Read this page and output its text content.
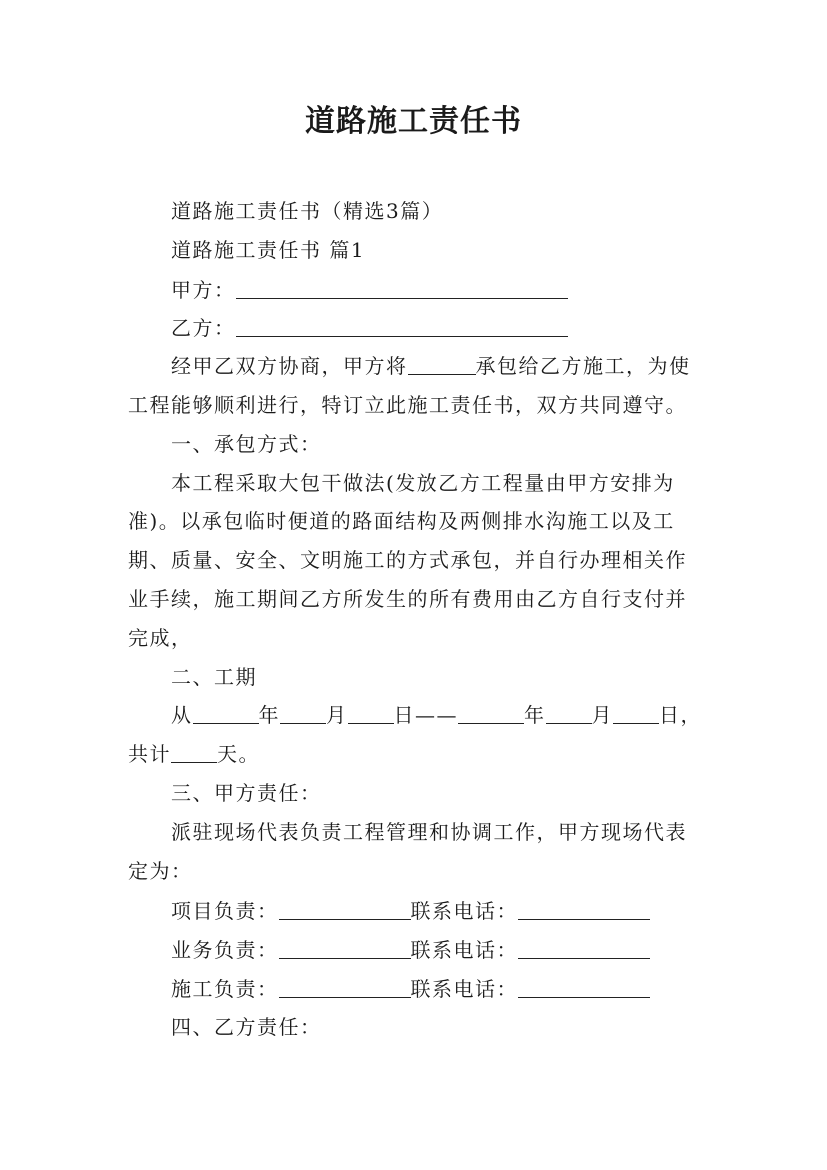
道路施工责任书
道路施工责任书（精选3篇）
道路施工责任书 篇1
甲方：
乙方：
经甲乙双方协商，甲方将	承包给乙方施工，为使
工程能够顺利进行，特订立此施工责任书，双方共同遵守。
一、承包方式：
本工程采取大包干做法(发放乙方工程量由甲方安排为
准)。以承包临时便道的路面结构及两侧排水沟施工以及工
期、质量、安全、文明施工的方式承包，并自行办理相关作
业手续，施工期间乙方所发生的所有费用由乙方自行支付并
完成，
二、工期
从	年 月 日——	年 月 日，
共计 天。
三、甲方责任：
派驻现场代表负责工程管理和协调工作，甲方现场代表
定为：
项目负责：	联系电话：
业务负责：	联系电话：
施工负责：	联系电话：
四、乙方责任：
